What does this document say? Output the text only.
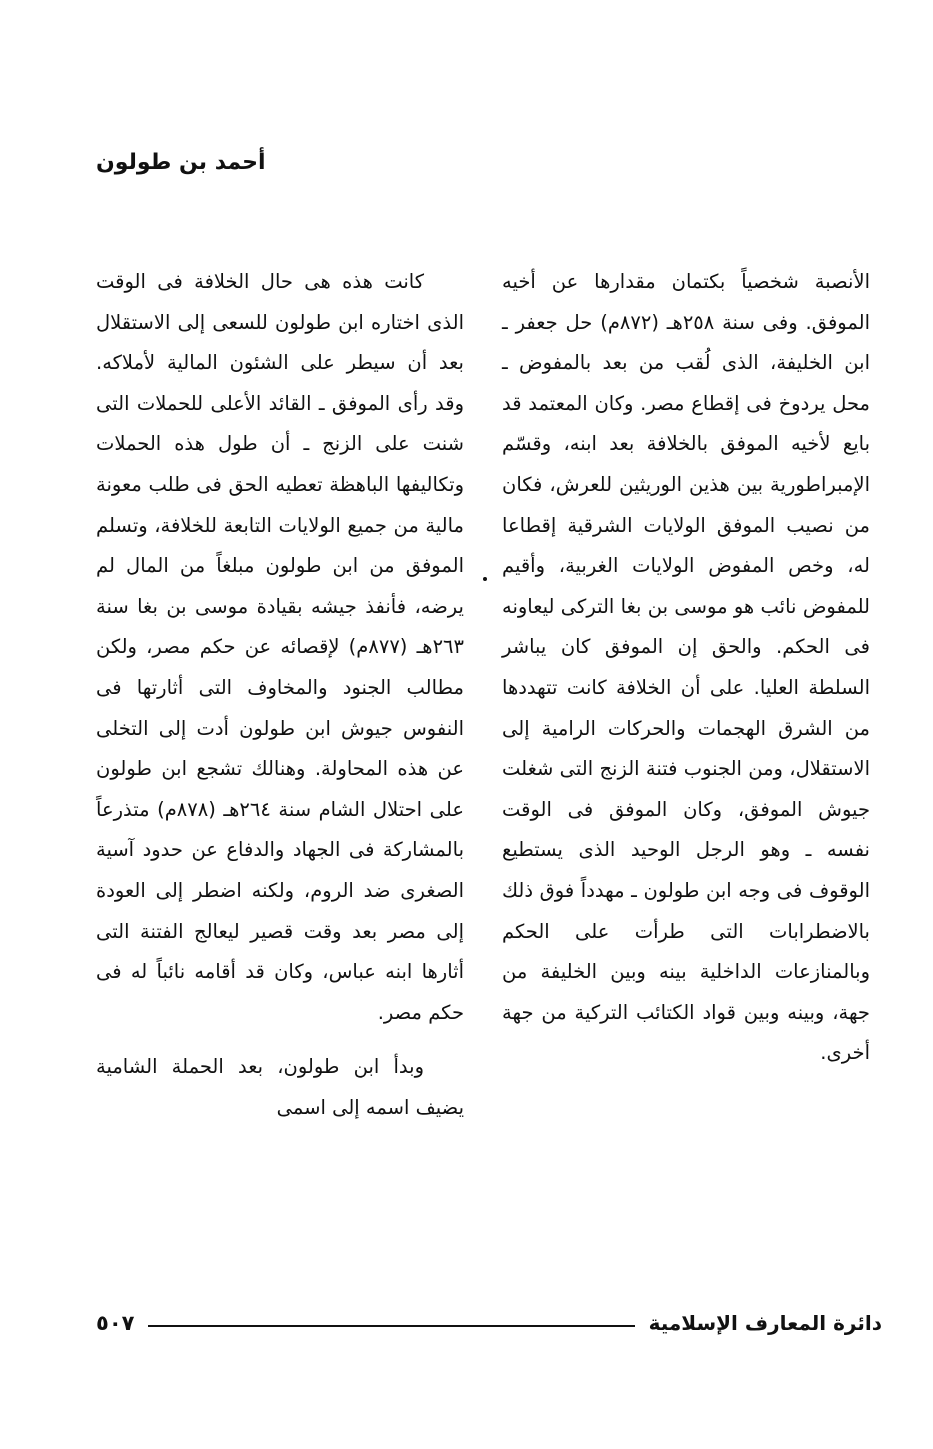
أحمد بن طولون

الأنصبة شخصياً بكتمان مقدارها عن أخيه الموفق. وفى سنة ٢٥٨هـ (٨٧٢م) حل جعفر ـ ابن الخليفة، الذى لُقب من بعد بالمفوض ـ محل يردوخ فى إقطاع مصر. وكان المعتمد قد بايع لأخيه الموفق بالخلافة بعد ابنه، وقسّم الإمبراطورية بين هذين الوريثين للعرش، فكان من نصيب الموفق الولايات الشرقية إقطاعا له، وخص المفوض الولايات الغربية، وأقيم للمفوض نائب هو موسى بن بغا التركى ليعاونه فى الحكم. والحق إن الموفق كان يباشر السلطة العليا. على أن الخلافة كانت تتهددها من الشرق الهجمات والحركات الرامية إلى الاستقلال، ومن الجنوب فتنة الزنج التى شغلت جيوش الموفق، وكان الموفق فى الوقت نفسه ـ وهو الرجل الوحيد الذى يستطيع الوقوف فى وجه ابن طولون ـ مهدداً فوق ذلك بالاضطرابات التى طرأت على الحكم وبالمنازعات الداخلية بينه وبين الخليفة من جهة، وبينه وبين قواد الكتائب التركية من جهة أخرى.

كانت هذه هى حال الخلافة فى الوقت الذى اختاره ابن طولون للسعى إلى الاستقلال بعد أن سيطر على الشئون المالية لأملاكه. وقد رأى الموفق ـ القائد الأعلى للحملات التى شنت على الزنج ـ أن طول هذه الحملات وتكاليفها الباهظة تعطيه الحق فى طلب معونة مالية من جميع الولايات التابعة للخلافة، وتسلم الموفق من ابن طولون مبلغاً من المال لم يرضه، فأنفذ جيشه بقيادة موسى بن بغا سنة ٢٦٣هـ (٨٧٧م) لإقصائه عن حكم مصر، ولكن مطالب الجنود والمخاوف التى أثارتها فى النفوس جيوش ابن طولون أدت إلى التخلى عن هذه المحاولة. وهنالك تشجع ابن طولون على احتلال الشام سنة ٢٦٤هـ (٨٧٨م) متذرعاً بالمشاركة فى الجهاد والدفاع عن حدود آسية الصغرى ضد الروم، ولكنه اضطر إلى العودة إلى مصر بعد وقت قصير ليعالج الفتنة التى أثارها ابنه عباس، وكان قد أقامه نائباً له فى حكم مصر.

وبدأ ابن طولون، بعد الحملة الشامية يضيف اسمه إلى اسمى

٥٠٧	دائرة المعارف الإسلامية
